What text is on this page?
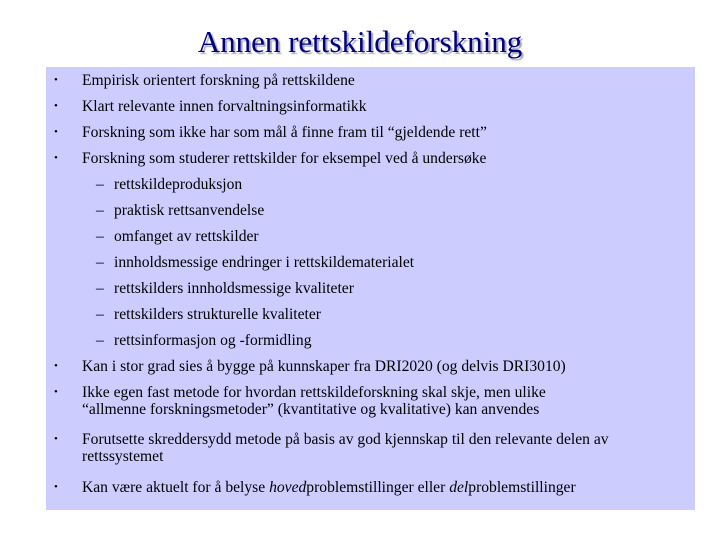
Annen rettskildeforskning
• Empirisk orientert forskning på rettskildene
• Klart relevante innen forvaltningsinformatikk
• Forskning som ikke har som mål å finne fram til “gjeldende rett”
• Forskning som studerer rettskilder for eksempel ved å undersøke
– rettskildeproduksjon
– praktisk rettsanvendelse
– omfanget av rettskilder
– innholdsmessige endringer i rettskildematerialet
– rettskilders innholdsmessige kvaliteter
– rettskilders strukturelle kvaliteter
– rettsinformasjon og -formidling
• Kan i stor grad sies å bygge på kunnskaper fra DRI2020 (og delvis DRI3010)
• Ikke egen fast metode for hvordan rettskildeforskning skal skje, men ulike
“allmenne forskningsmetoder” (kvantitative og kvalitative) kan anvendes
• Forutsette skreddersydd metode på basis av god kjennskap til den relevante delen av
rettssystemet
• Kan være aktuelt for å belyse hovedproblemstillinger eller delproblemstillinger
